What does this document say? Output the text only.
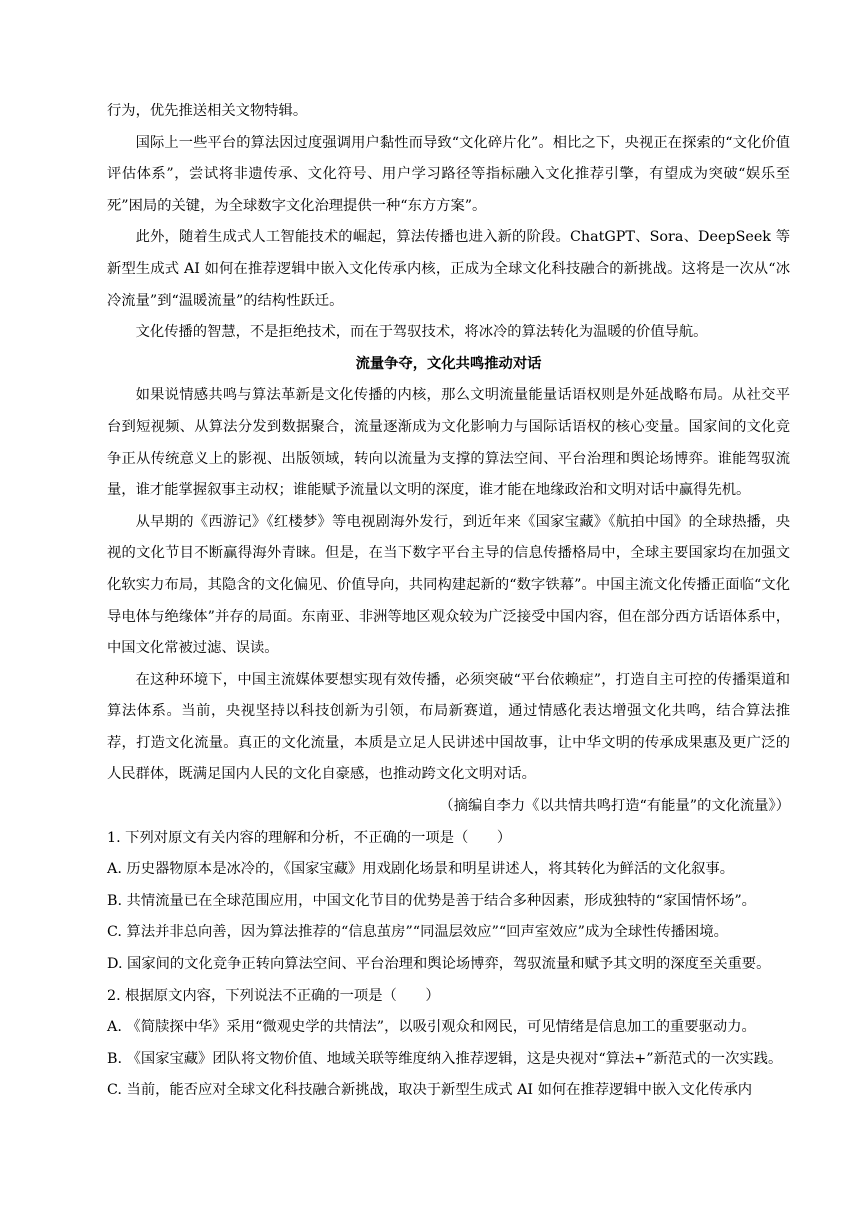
行为，优先推送相关文物特辑。

国际上一些平台的算法因过度强调用户黏性而导致“文化碎片化”。相比之下，央视正在探索的“文化价值评估体系”，尝试将非遗传承、文化符号、用户学习路径等指标融入文化推荐引擎，有望成为突破“娱乐至死”困局的关键，为全球数字文化治理提供一种“东方方案”。

此外，随着生成式人工智能技术的崛起，算法传播也进入新的阶段。ChatGPT、Sora、DeepSeek 等新型生成式 AI 如何在推荐逻辑中嵌入文化传承内核，正成为全球文化科技融合的新挑战。这将是一次从“冰冷流量”到“温暖流量”的结构性跃迁。

文化传播的智慧，不是拒绝技术，而在于驾驭技术，将冰冷的算法转化为温暖的价值导航。

流量争夺，文化共鸣推动对话

如果说情感共鸣与算法革新是文化传播的内核，那么文明流量能量话语权则是外延战略布局。从社交平台到短视频、从算法分发到数据聚合，流量逐渐成为文化影响力与国际话语权的核心变量。国家间的文化竞争正从传统意义上的影视、出版领域，转向以流量为支撑的算法空间、平台治理和舆论场博弈。谁能驾驭流量，谁才能掌握叙事主动权；谁能赋予流量以文明的深度，谁才能在地缘政治和文明对话中赢得先机。

从早期的《西游记》《红楼梦》等电视剧海外发行，到近年来《国家宝藏》《航拍中国》的全球热播，央视的文化节目不断赢得海外青睐。但是，在当下数字平台主导的信息传播格局中，全球主要国家均在加强文化软实力布局，其隐含的文化偏见、价值导向，共同构建起新的“数字铁幕”。中国主流文化传播正面临“文化导电体与绝缘体”并存的局面。东南亚、非洲等地区观众较为广泛接受中国内容，但在部分西方话语体系中，中国文化常被过滤、误读。

在这种环境下，中国主流媒体要想实现有效传播，必须突破“平台依赖症”，打造自主可控的传播渠道和算法体系。当前，央视坚持以科技创新为引领，布局新赛道，通过情感化表达增强文化共鸣，结合算法推荐，打造文化流量。真正的文化流量，本质是立足人民讲述中国故事，让中华文明的传承成果惠及更广泛的人民群体，既满足国内人民的文化自豪感，也推动跨文化文明对话。

（摘编自李力《以共情共鸣打造“有能量”的文化流量》）

1. 下列对原文有关内容的理解和分析，不正确的一项是（　　）

A. 历史器物原本是冰冷的，《国家宝藏》用戏剧化场景和明星讲述人，将其转化为鲜活的文化叙事。

B. 共情流量已在全球范围应用，中国文化节目的优势是善于结合多种因素，形成独特的“家国情怀场”。

C. 算法并非总向善，因为算法推荐的“信息茧房”“同温层效应”“回声室效应”成为全球性传播困境。

D. 国家间的文化竞争正转向算法空间、平台治理和舆论场博弈，驾驭流量和赋予其文明的深度至关重要。

2. 根据原文内容，下列说法不正确的一项是（　　）

A. 《简牍探中华》采用“微观史学的共情法”，以吸引观众和网民，可见情绪是信息加工的重要驱动力。

B. 《国家宝藏》团队将文物价值、地域关联等维度纳入推荐逻辑，这是央视对“算法+”新范式的一次实践。

C. 当前，能否应对全球文化科技融合新挑战，取决于新型生成式 AI 如何在推荐逻辑中嵌入文化传承内
